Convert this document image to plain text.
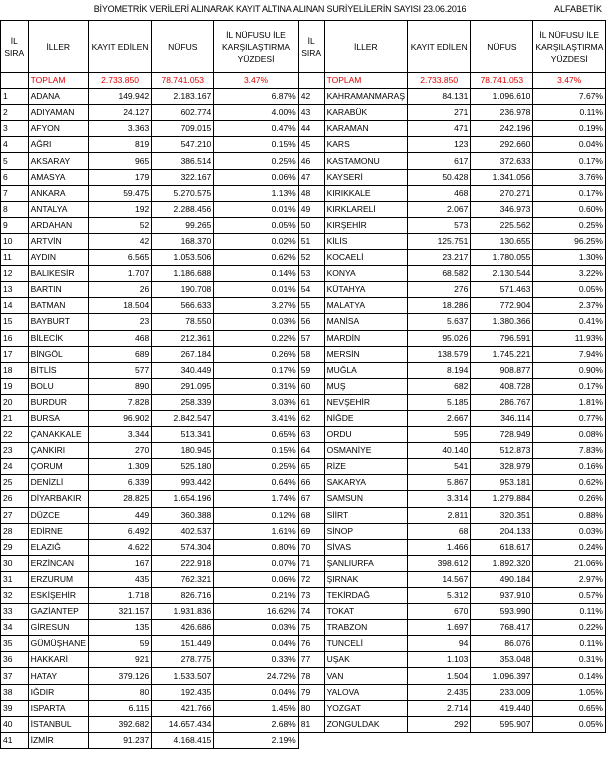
BİYOMETRİK VERİLERİ ALINARAK KAYIT ALTINA ALINAN SURİYELİLERİN SAYISI 23.06.2016	ALFABETİK
İL SIRA	İLLER	KAYIT EDİLEN	NÜFUS	İL NÜFUSU İLE KARŞILAŞTIRMA YÜZDESİ	İL SIRA	İLLER	KAYIT EDİLEN	NÜFUS	İL NÜFUSU İLE KARŞILAŞTIRMA YÜZDESİ
	TOPLAM	2.733.850	78.741.053	3.47%		TOPLAM	2.733.850	78.741.053	3.47%
1	ADANA	149.942	2.183.167	6.87%	42	KAHRAMANMARAŞ	84.131	1.096.610	7.67%
2	ADIYAMAN	24.127	602.774	4.00%	43	KARABÜK	271	236.978	0.11%
3	AFYON	3.363	709.015	0.47%	44	KARAMAN	471	242.196	0.19%
4	AĞRI	819	547.210	0.15%	45	KARS	123	292.660	0.04%
5	AKSARAY	965	386.514	0.25%	46	KASTAMONU	617	372.633	0.17%
6	AMASYA	179	322.167	0.06%	47	KAYSERİ	50.428	1.341.056	3.76%
7	ANKARA	59.475	5.270.575	1.13%	48	KIRIKKALE	468	270.271	0.17%
8	ANTALYA	192	2.288.456	0.01%	49	KIRKLARELİ	2.067	346.973	0.60%
9	ARDAHAN	52	99.265	0.05%	50	KIRŞEHİR	573	225.562	0.25%
10	ARTVİN	42	168.370	0.02%	51	KİLİS	125.751	130.655	96.25%
11	AYDIN	6.565	1.053.506	0.62%	52	KOCAELİ	23.217	1.780.055	1.30%
12	BALIKESİR	1.707	1.186.688	0.14%	53	KONYA	68.582	2.130.544	3.22%
13	BARTIN	26	190.708	0.01%	54	KÜTAHYA	276	571.463	0.05%
14	BATMAN	18.504	566.633	3.27%	55	MALATYA	18.286	772.904	2.37%
15	BAYBURT	23	78.550	0.03%	56	MANİSA	5.637	1.380.366	0.41%
16	BİLECİK	468	212.361	0.22%	57	MARDİN	95.026	796.591	11.93%
17	BİNGÖL	689	267.184	0.26%	58	MERSİN	138.579	1.745.221	7.94%
18	BİTLİS	577	340.449	0.17%	59	MUĞLA	8.194	908.877	0.90%
19	BOLU	890	291.095	0.31%	60	MUŞ	682	408.728	0.17%
20	BURDUR	7.828	258.339	3.03%	61	NEVŞEHİR	5.185	286.767	1.81%
21	BURSA	96.902	2.842.547	3.41%	62	NİĞDE	2.667	346.114	0.77%
22	ÇANAKKALE	3.344	513.341	0.65%	63	ORDU	595	728.949	0.08%
23	ÇANKIRI	270	180.945	0.15%	64	OSMANİYE	40.140	512.873	7.83%
24	ÇORUM	1.309	525.180	0.25%	65	RİZE	541	328.979	0.16%
25	DENİZLİ	6.339	993.442	0.64%	66	SAKARYA	5.867	953.181	0.62%
26	DİYARBAKIR	28.825	1.654.196	1.74%	67	SAMSUN	3.314	1.279.884	0.26%
27	DÜZCE	449	360.388	0.12%	68	SİİRT	2.811	320.351	0.88%
28	EDİRNE	6.492	402.537	1.61%	69	SİNOP	68	204.133	0.03%
29	ELAZIĞ	4.622	574.304	0.80%	70	SİVAS	1.466	618.617	0.24%
30	ERZİNCAN	167	222.918	0.07%	71	ŞANLIURFA	398.612	1.892.320	21.06%
31	ERZURUM	435	762.321	0.06%	72	ŞIRNAK	14.567	490.184	2.97%
32	ESKİŞEHİR	1.718	826.716	0.21%	73	TEKİRDAĞ	5.312	937.910	0.57%
33	GAZİANTEP	321.157	1.931.836	16.62%	74	TOKAT	670	593.990	0.11%
34	GİRESUN	135	426.686	0.03%	75	TRABZON	1.697	768.417	0.22%
35	GÜMÜŞHANE	59	151.449	0.04%	76	TUNCELİ	94	86.076	0.11%
36	HAKKARİ	921	278.775	0.33%	77	UŞAK	1.103	353.048	0.31%
37	HATAY	379.126	1.533.507	24.72%	78	VAN	1.504	1.096.397	0.14%
38	IĞDIR	80	192.435	0.04%	79	YALOVA	2.435	233.009	1.05%
39	ISPARTA	6.115	421.766	1.45%	80	YOZGAT	2.714	419.440	0.65%
40	İSTANBUL	392.682	14.657.434	2.68%	81	ZONGULDAK	292	595.907	0.05%
41	İZMİR	91.237	4.168.415	2.19%					
